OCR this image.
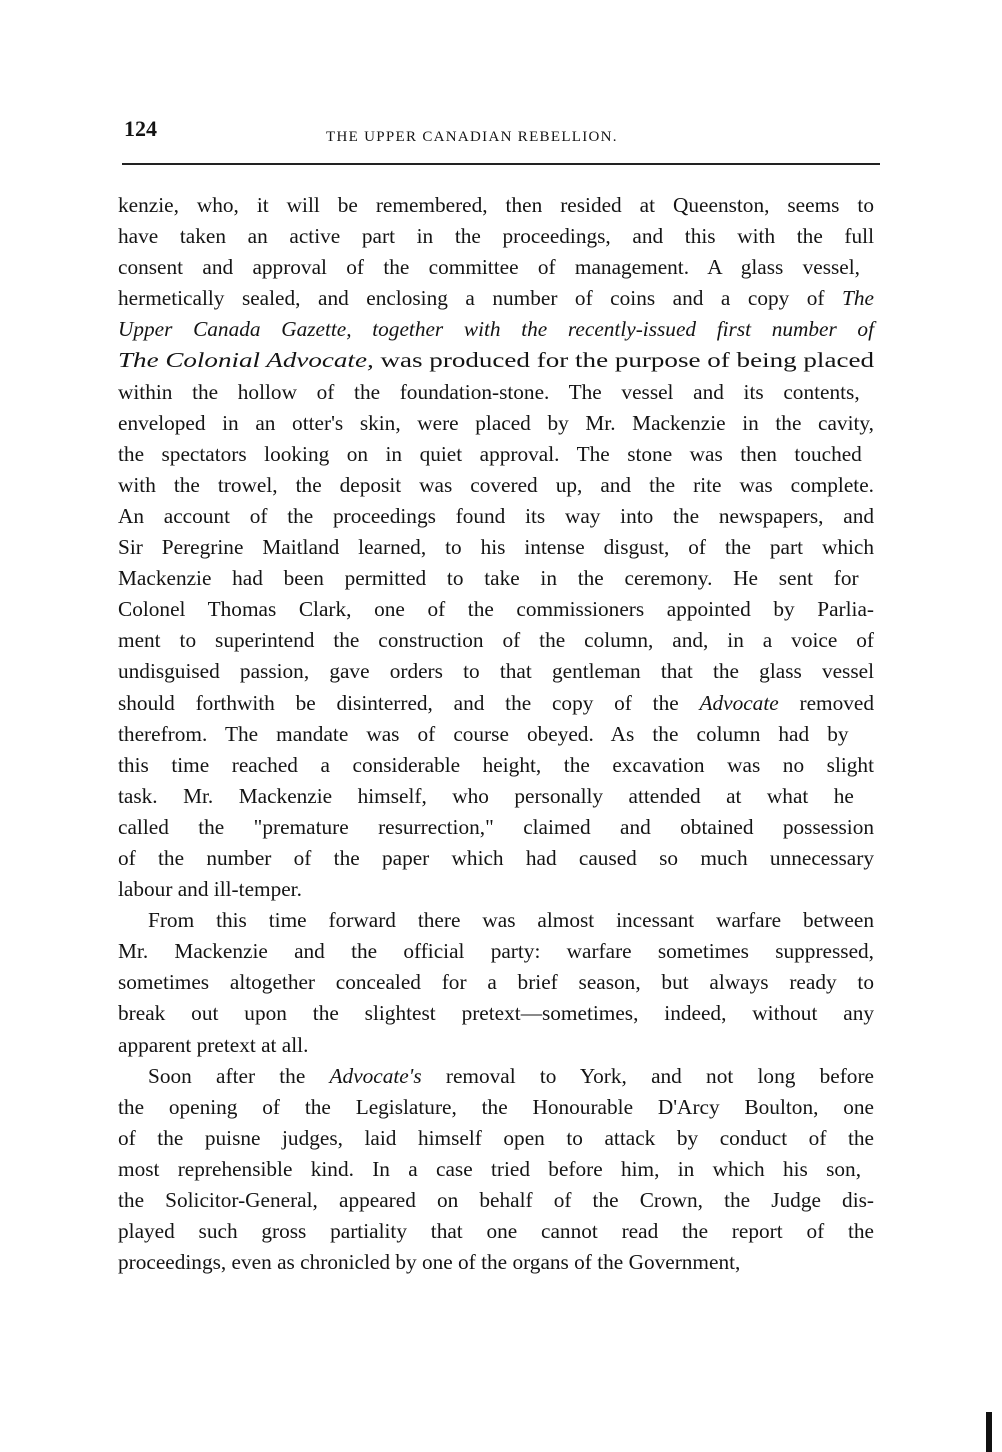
124	THE UPPER CANADIAN REBELLION.
kenzie, who, it will be remembered, then resided at Queenston, seems to
have taken an active part in the proceedings, and this with the full
consent and approval of the committee of management. A glass vessel,
hermetically sealed, and enclosing a number of coins and a copy of The
Upper Canada Gazette, together with the recently-issued first number of
The Colonial Advocate, was produced for the purpose of being placed
within the hollow of the foundation-stone. The vessel and its contents,
enveloped in an otter's skin, were placed by Mr. Mackenzie in the cavity,
the spectators looking on in quiet approval. The stone was then touched
with the trowel, the deposit was covered up, and the rite was complete.
An account of the proceedings found its way into the newspapers, and
Sir Peregrine Maitland learned, to his intense disgust, of the part which
Mackenzie had been permitted to take in the ceremony. He sent for
Colonel Thomas Clark, one of the commissioners appointed by Parlia-
ment to superintend the construction of the column, and, in a voice of
undisguised passion, gave orders to that gentleman that the glass vessel
should forthwith be disinterred, and the copy of the Advocate removed
therefrom. The mandate was of course obeyed. As the column had by
this time reached a considerable height, the excavation was no slight
task. Mr. Mackenzie himself, who personally attended at what he
called the "premature resurrection," claimed and obtained possession
of the number of the paper which had caused so much unnecessary
labour and ill-temper.
From this time forward there was almost incessant warfare between
Mr. Mackenzie and the official party: warfare sometimes suppressed,
sometimes altogether concealed for a brief season, but always ready to
break out upon the slightest pretext—sometimes, indeed, without any
apparent pretext at all.
Soon after the Advocate's removal to York, and not long before
the opening of the Legislature, the Honourable D'Arcy Boulton, one
of the puisne judges, laid himself open to attack by conduct of the
most reprehensible kind. In a case tried before him, in which his son,
the Solicitor-General, appeared on behalf of the Crown, the Judge dis-
played such gross partiality that one cannot read the report of the
proceedings, even as chronicled by one of the organs of the Government,
